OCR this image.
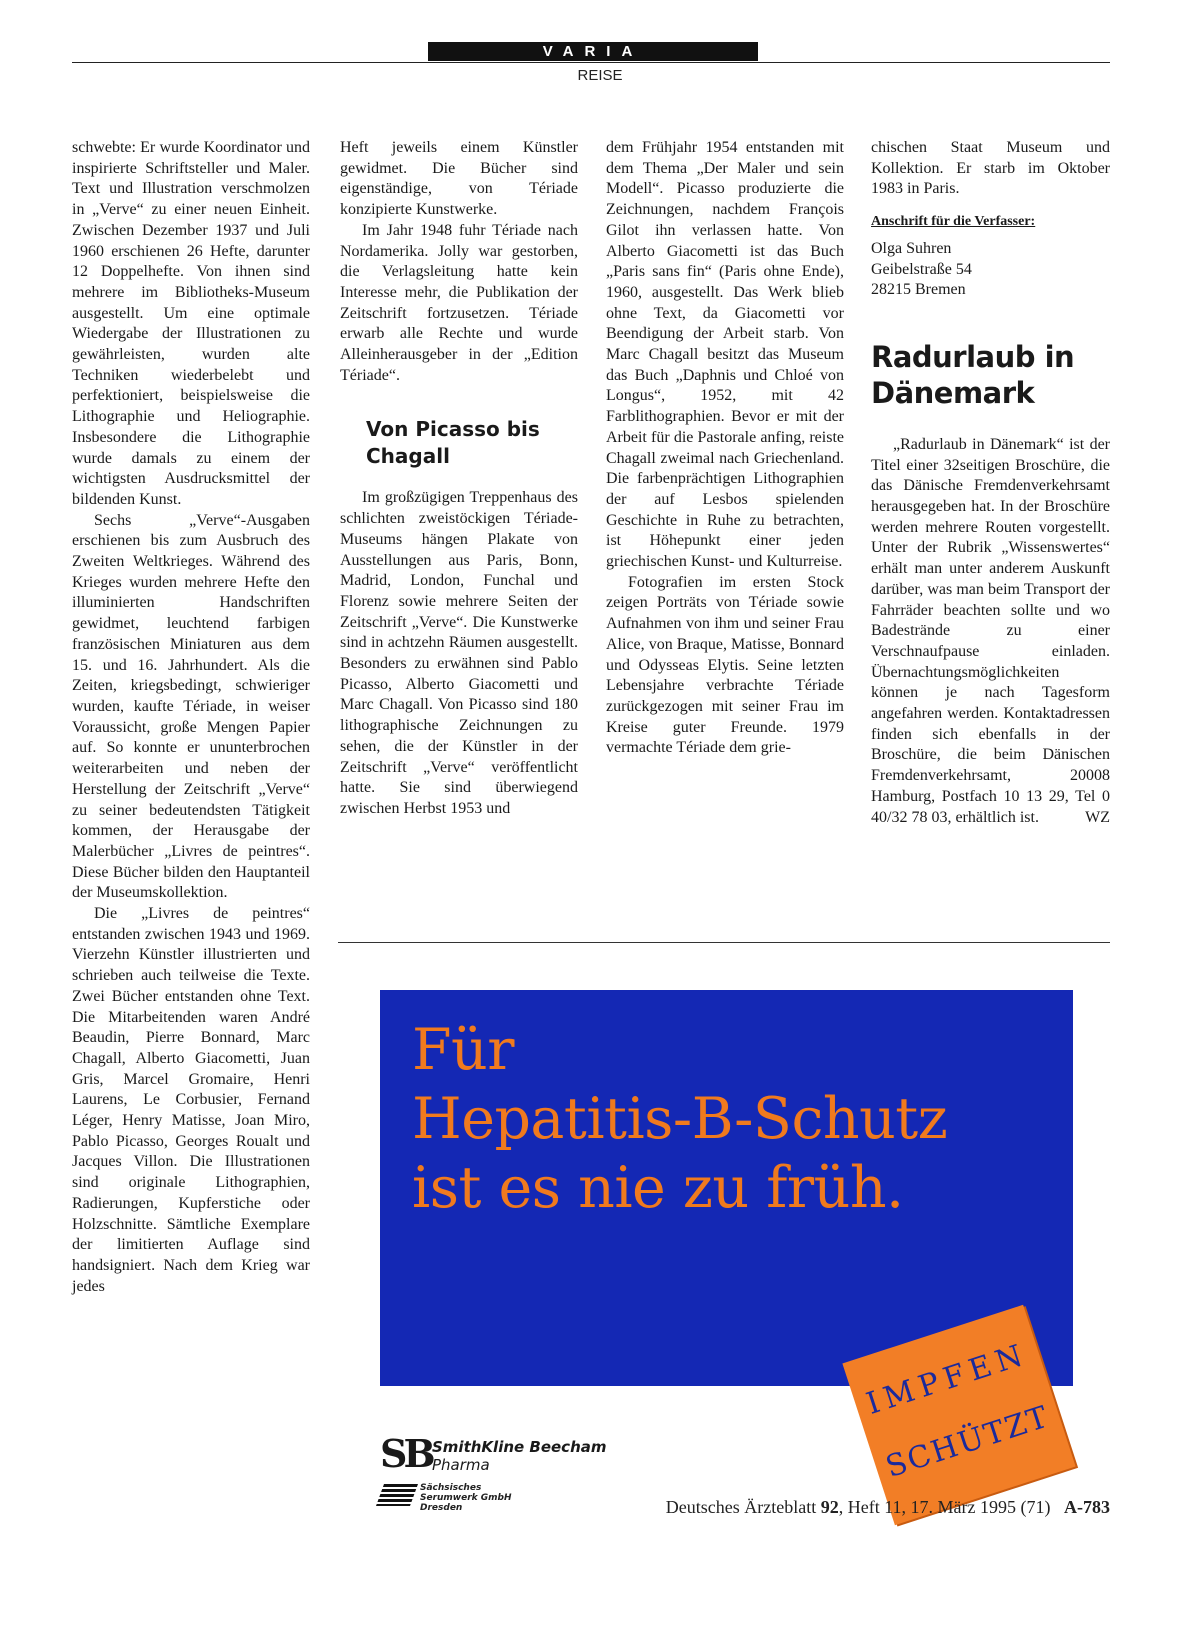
VARIA
REISE

schwebte: Er wurde Koordinator und inspirierte Schriftsteller und Maler. Text und Illustration verschmolzen in „Verve“ zu einer neuen Einheit. Zwischen Dezember 1937 und Juli 1960 erschienen 26 Hefte, darunter 12 Doppelhefte. Von ihnen sind mehrere im Bibliotheks-Museum ausgestellt. Um eine optimale Wiedergabe der Illustrationen zu gewährleisten, wurden alte Techniken wiederbelebt und perfektioniert, beispielsweise die Lithographie und Heliographie. Insbesondere die Lithographie wurde damals zu einem der wichtigsten Ausdrucksmittel der bildenden Kunst.

Sechs „Verve“-Ausgaben erschienen bis zum Ausbruch des Zweiten Weltkrieges. Während des Krieges wurden mehrere Hefte den illuminierten Handschriften gewidmet, leuchtend farbigen französischen Miniaturen aus dem 15. und 16. Jahrhundert. Als die Zeiten, kriegsbedingt, schwieriger wurden, kaufte Tériade, in weiser Voraussicht, große Mengen Papier auf. So konnte er ununterbrochen weiterarbeiten und neben der Herstellung der Zeitschrift „Verve“ zu seiner bedeutendsten Tätigkeit kommen, der Herausgabe der Malerbücher „Livres de peintres“. Diese Bücher bilden den Hauptanteil der Museumskollektion.

Die „Livres de peintres“ entstanden zwischen 1943 und 1969. Vierzehn Künstler illustrierten und schrieben auch teilweise die Texte. Zwei Bücher entstanden ohne Text. Die Mitarbeitenden waren André Beaudin, Pierre Bonnard, Marc Chagall, Alberto Giacometti, Juan Gris, Marcel Gromaire, Henri Laurens, Le Corbusier, Fernand Léger, Henry Matisse, Joan Miro, Pablo Picasso, Georges Roualt und Jacques Villon. Die Illustrationen sind originale Lithographien, Radierungen, Kupferstiche oder Holzschnitte. Sämtliche Exemplare der limitierten Auflage sind handsigniert. Nach dem Krieg war jedes

Heft jeweils einem Künstler gewidmet. Die Bücher sind eigenständige, von Tériade konzipierte Kunstwerke.

Im Jahr 1948 fuhr Tériade nach Nordamerika. Jolly war gestorben, die Verlagsleitung hatte kein Interesse mehr, die Publikation der Zeitschrift fortzusetzen. Tériade erwarb alle Rechte und wurde Alleinherausgeber in der „Edition Tériade“.

Von Picasso bis Chagall

Im großzügigen Treppenhaus des schlichten zweistöckigen Tériade-Museums hängen Plakate von Ausstellungen aus Paris, Bonn, Madrid, London, Funchal und Florenz sowie mehrere Seiten der Zeitschrift „Verve“. Die Kunstwerke sind in achtzehn Räumen ausgestellt. Besonders zu erwähnen sind Pablo Picasso, Alberto Giacometti und Marc Chagall. Von Picasso sind 180 lithographische Zeichnungen zu sehen, die der Künstler in der Zeitschrift „Verve“ veröffentlicht hatte. Sie sind überwiegend zwischen Herbst 1953 und

dem Frühjahr 1954 entstanden mit dem Thema „Der Maler und sein Modell“. Picasso produzierte die Zeichnungen, nachdem François Gilot ihn verlassen hatte. Von Alberto Giacometti ist das Buch „Paris sans fin“ (Paris ohne Ende), 1960, ausgestellt. Das Werk blieb ohne Text, da Giacometti vor Beendigung der Arbeit starb. Von Marc Chagall besitzt das Museum das Buch „Daphnis und Chloé von Longus“, 1952, mit 42 Farblithographien. Bevor er mit der Arbeit für die Pastorale anfing, reiste Chagall zweimal nach Griechenland. Die farbenprächtigen Lithographien der auf Lesbos spielenden Geschichte in Ruhe zu betrachten, ist Höhepunkt einer jeden griechischen Kunst- und Kulturreise.

Fotografien im ersten Stock zeigen Porträts von Tériade sowie Aufnahmen von ihm und seiner Frau Alice, von Braque, Matisse, Bonnard und Odysseas Elytis. Seine letzten Lebensjahre verbrachte Tériade zurückgezogen mit seiner Frau im Kreise guter Freunde. 1979 vermachte Tériade dem grie-

chischen Staat Museum und Kollektion. Er starb im Oktober 1983 in Paris.

Anschrift für die Verfasser:
Olga Suhren
Geibelstraße 54
28215 Bremen
Radurlaub in Dänemark

„Radurlaub in Dänemark“ ist der Titel einer 32seitigen Broschüre, die das Dänische Fremdenverkehrsamt herausgegeben hat. In der Broschüre werden mehrere Routen vorgestellt. Unter der Rubrik „Wissenswertes“ erhält man unter anderem Auskunft darüber, was man beim Transport der Fahrräder beachten sollte und wo Badestrände zu einer Verschnaufpause einladen. Übernachtungsmöglichkeiten können je nach Tagesform angefahren werden. Kontaktadressen finden sich ebenfalls in der Broschüre, die beim Dänischen Fremdenverkehrsamt, 20008 Hamburg, Postfach 10 13 29, Tel 0 40/32 78 03, erhältlich ist.	WZ

Für
Hepatitis-B-Schutz
ist es nie zu früh.
IMPFEN
SCHÜTZT
SB SmithKline Beecham
Pharma
Sächsisches
Serumwerk GmbH
Dresden	Deutsches Ärzteblatt 92, Heft 11, 17. März 1995 (71) A-783
